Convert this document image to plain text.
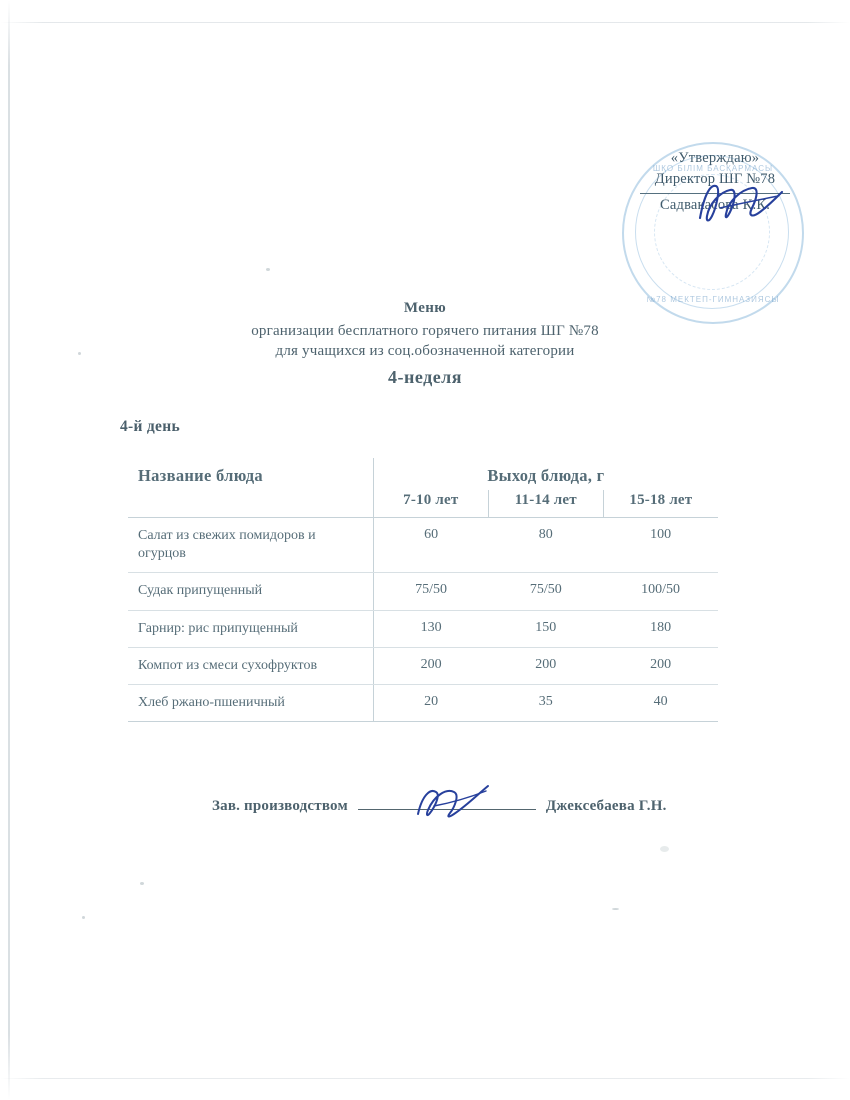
ШҚО БІЛІМ БАСҚАРМАСЫ
№78 МЕКТЕП-ГИМНАЗИЯСЫ
«Утверждаю»
Директор ШГ №78
Садвакасова К.К.
Меню
организации бесплатного горячего питания ШГ №78
для учащихся из соц.обозначенной категории
4-неделя
4-й день
Название блюда	Выход блюда, г		
	7-10 лет	11-14 лет	15-18 лет
Салат из свежих помидоров и огурцов	60	80	100
Судак припущенный	75/50	75/50	100/50
Гарнир: рис припущенный	130	150	180
Компот из смеси сухофруктов	200	200	200
Хлеб ржано-пшеничный	20	35	40
Зав. производством	Джексебаева Г.Н.
